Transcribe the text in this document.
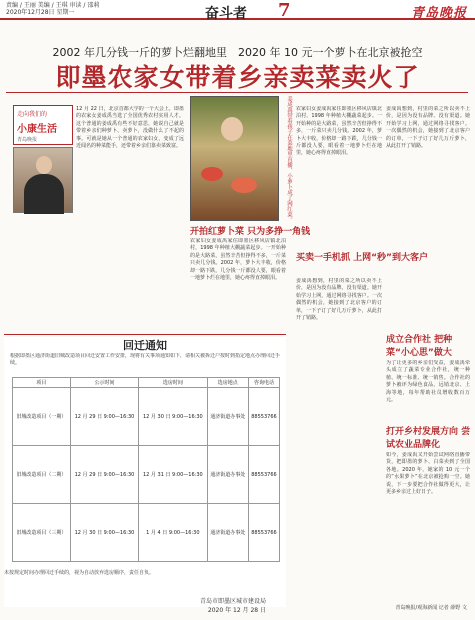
责编 / 王丽 美编 / 王琪 审读 / 邵莉
2020年12月28日 星期一	奋斗者 7	青岛晚报
2002 年几分钱一斤的萝卜烂翻地里　2020 年 10 元一个萝卜在北京被抢空
即墨农家女带着乡亲卖菜卖火了
走向我们的
小康生活
青岛晚报
12 月 22 日，北京首都大学的一个大会上，即墨的农家女姜成禹当选了全国优秀农村实用人才。这个普通的姜成禹有些不好意思，她说自己就是带着乡亲们种萝卜、卖萝卜，没做什么了不起的事。可就是她从一个普通的农家妇女，变成了远近闻名的种菜能手，还带着乡亲们靠卖菜致富。
开拍红萝卜菜 只为多挣一角钱
农家妇女姜成禹家住即墨区移风店镇北泊村，1998 年种植大棚蔬菜起步。一开始种的是大路菜，虽然辛苦但挣得不多，一斤菜只卖几分钱。2002 年，萝卜大丰收，价格却一路下跌，几分钱一斤都没人要，眼看着一地萝卜烂在地里，她心疼得直掉眼泪。
姜成禹带着孩子在菜地里直播，小萝卜成了网红菜。 农家妇女姜成禹家住即墨区移风店镇北泊村，1998 年种植大棚蔬菜起步。一开始种的是大路菜，虽然辛苦但挣得不多，一斤菜只卖几分钱。2002 年，萝卜大丰收，价格却一路下跌，几分钱一斤都没人要，眼看着一地萝卜烂在地里，她心疼得直掉眼泪。
买卖一手机抓 上网“秒”到大客户
姜成禹想到，村里的菜之所以卖不上价，是因为没有品牌、没有渠道。她开始学习上网，通过网络寻找客户。一次偶然的机会，她接到了北京客户的订单，一下子订了好几万斤萝卜，从此打开了销路。
姜成禹想到，村里的菜之所以卖不上价，是因为没有品牌、没有渠道。她开始学习上网，通过网络寻找客户。一次偶然的机会，她接到了北京客户的订单，一下子订了好几万斤萝卜，从此打开了销路。
成立合作社 把种菜“小心思”做大
为了让更多的乡亲们受益，姜成禹牵头成立了蔬菜专业合作社，统一种植、统一标准、统一销售。合作社的萝卜被评为绿色食品，远销北京、上海等地，每年帮助社员增收数百万元。
打开乡村发展方向 尝试农业品牌化
如今，姜成禹又开始尝试网络直播带货，把即墨的萝卜、白菜卖到了全国各地。2020 年，她家的 10 元一个的“水果萝卜”在北京被抢购一空。她说，下一步要把合作社做得更大，让更多乡亲过上好日子。
青岛晚报/观海新闻 记者 薛野 文
回迁通知
根据即墨区通济街道旧城改造项目回迁安置工作安排，现将有关事项通知如下，请相关被拆迁户按时到指定地点办理回迁手续。
项目	公示时间	选房时间	选房地点	咨询电话
旧城改造项目（一期）	12 月 29 日 9:00—16:30	12 月 30 日 9:00—16:30	通济街道办事处	88553766
旧城改造项目（二期）	12 月 29 日 9:00—16:30	12 月 31 日 9:00—16:30	通济街道办事处	88553766
旧城改造项目（三期）	12 月 30 日 9:00—16:30	1 月 4 日 9:00—16:30	通济街道办事处	88553766
未按规定时间办理回迁手续的，视为自动放弃选房顺序，责任自负。
青岛市即墨区城市建设局
2020 年 12 月 28 日
